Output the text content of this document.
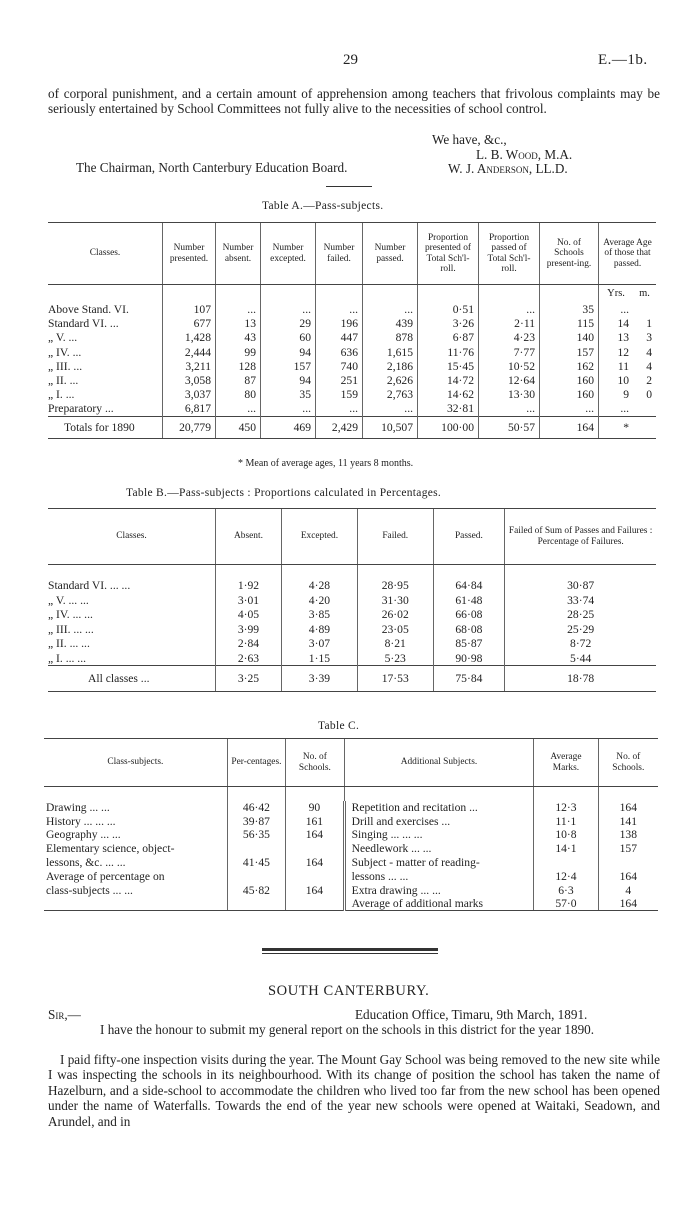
29	E.—1b.
of corporal punishment, and a certain amount of apprehension among teachers that frivolous complaints may be seriously entertained by School Committees not fully alive to the necessities of school control.
We have, &c.,
L. B. Wood, M.A.
W. J. Anderson, LL.D.
The Chairman, North Canterbury Education Board.
Table A.—Pass-subjects.
Classes.	Number presented.	Number absent.	Number excepted.	Number failed.	Number passed.	Proportion presented of Total Sch'l-roll.	Proportion passed of Total Sch'l-roll.	No. of Schools present-ing.	Average Age of those that passed.	
									Yrs.	m.
Above Stand. VI.	107	...	...	...	...	0·51	...	35	...	
Standard VI. ...	677	13	29	196	439	3·26	2·11	115	14	1
„ V. ...	1,428	43	60	447	878	6·87	4·23	140	13	3
„ IV. ...	2,444	99	94	636	1,615	11·76	7·77	157	12	4
„ III. ...	3,211	128	157	740	2,186	15·45	10·52	162	11	4
„ II. ...	3,058	87	94	251	2,626	14·72	12·64	160	10	2
„ I. ...	3,037	80	35	159	2,763	14·62	13·30	160	9	0
Preparatory ...	6,817	...	...	...	...	32·81	...	...	...	
Totals for 1890	20,779	450	469	2,429	10,507	100·00	50·57	164	*	
* Mean of average ages, 11 years 8 months.
Table B.—Pass-subjects : Proportions calculated in Percentages.
Classes.	Absent.	Excepted.	Failed.	Passed.	Failed of Sum of Passes and Failures : Percentage of Failures.

Standard VI. ... ...	1·92	4·28	28·95	64·84	30·87
„ V. ... ...	3·01	4·20	31·30	61·48	33·74
„ IV. ... ...	4·05	3·85	26·02	66·08	28·25
„ III. ... ...	3·99	4·89	23·05	68·08	25·29
„ II. ... ...	2·84	3·07	8·21	85·87	8·72
„ I. ... ...	2·63	1·15	5·23	90·98	5·44
All classes ...	3·25	3·39	17·53	75·84	18·78
Table C.
Class-subjects.	Per-centages.	No. of Schools.	Additional Subjects.	Average Marks.	No. of Schools.

Drawing ... ...	46·42	90	Repetition and recitation ...	12·3	164
History ... ... ...	39·87	161	Drill and exercises ...	11·1	141
Geography ... ...	56·35	164	Singing ... ... ...	10·8	138
Elementary science, object-			Needlework ... ...	14·1	157
lessons, &c. ... ...	41·45	164	Subject - matter of reading-		
Average of percentage on			lessons ... ...	12·4	164
class-subjects ... ...	45·82	164	Extra drawing ... ...	6·3	4
			Average of additional marks	57·0	164
SOUTH CANTERBURY.
Sir,—	Education Office, Timaru, 9th March, 1891.
I have the honour to submit my general report on the schools in this district for the year 1890.
I paid fifty-one inspection visits during the year. The Mount Gay School was being removed to the new site while I was inspecting the schools in its neighbourhood. With its change of position the school has taken the name of Hazelburn, and a side-school to accommodate the children who lived too far from the new school has been opened under the name of Waterfalls. Towards the end of the year new schools were opened at Waitaki, Seadown, and Arundel, and in
